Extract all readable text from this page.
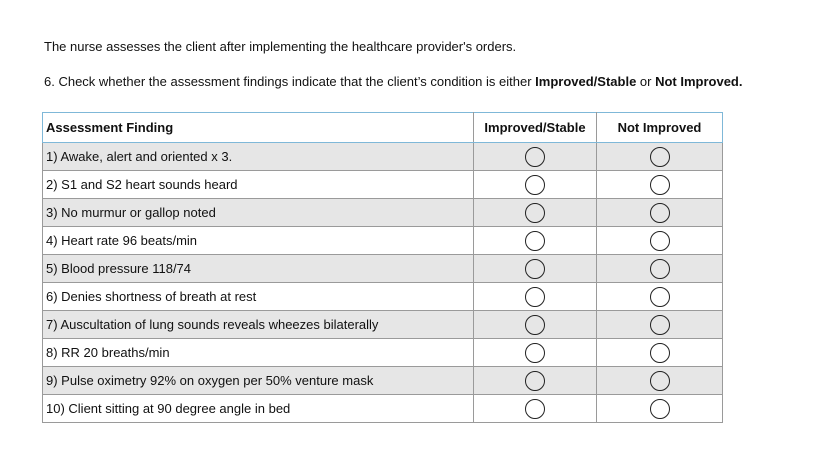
The nurse assesses the client after implementing the healthcare provider's orders.

6. Check whether the assessment findings indicate that the client’s condition is either Improved/Stable or Not Improved.

Assessment Finding	Improved/Stable	Not Improved
1) Awake, alert and oriented x 3.		
2) S1 and S2 heart sounds heard		
3) No murmur or gallop noted		
4) Heart rate 96 beats/min		
5) Blood pressure 118/74		
6) Denies shortness of breath at rest		
7) Auscultation of lung sounds reveals wheezes bilaterally		
8) RR 20 breaths/min		
9) Pulse oximetry 92% on oxygen per 50% venture mask		
10) Client sitting at 90 degree angle in bed		
